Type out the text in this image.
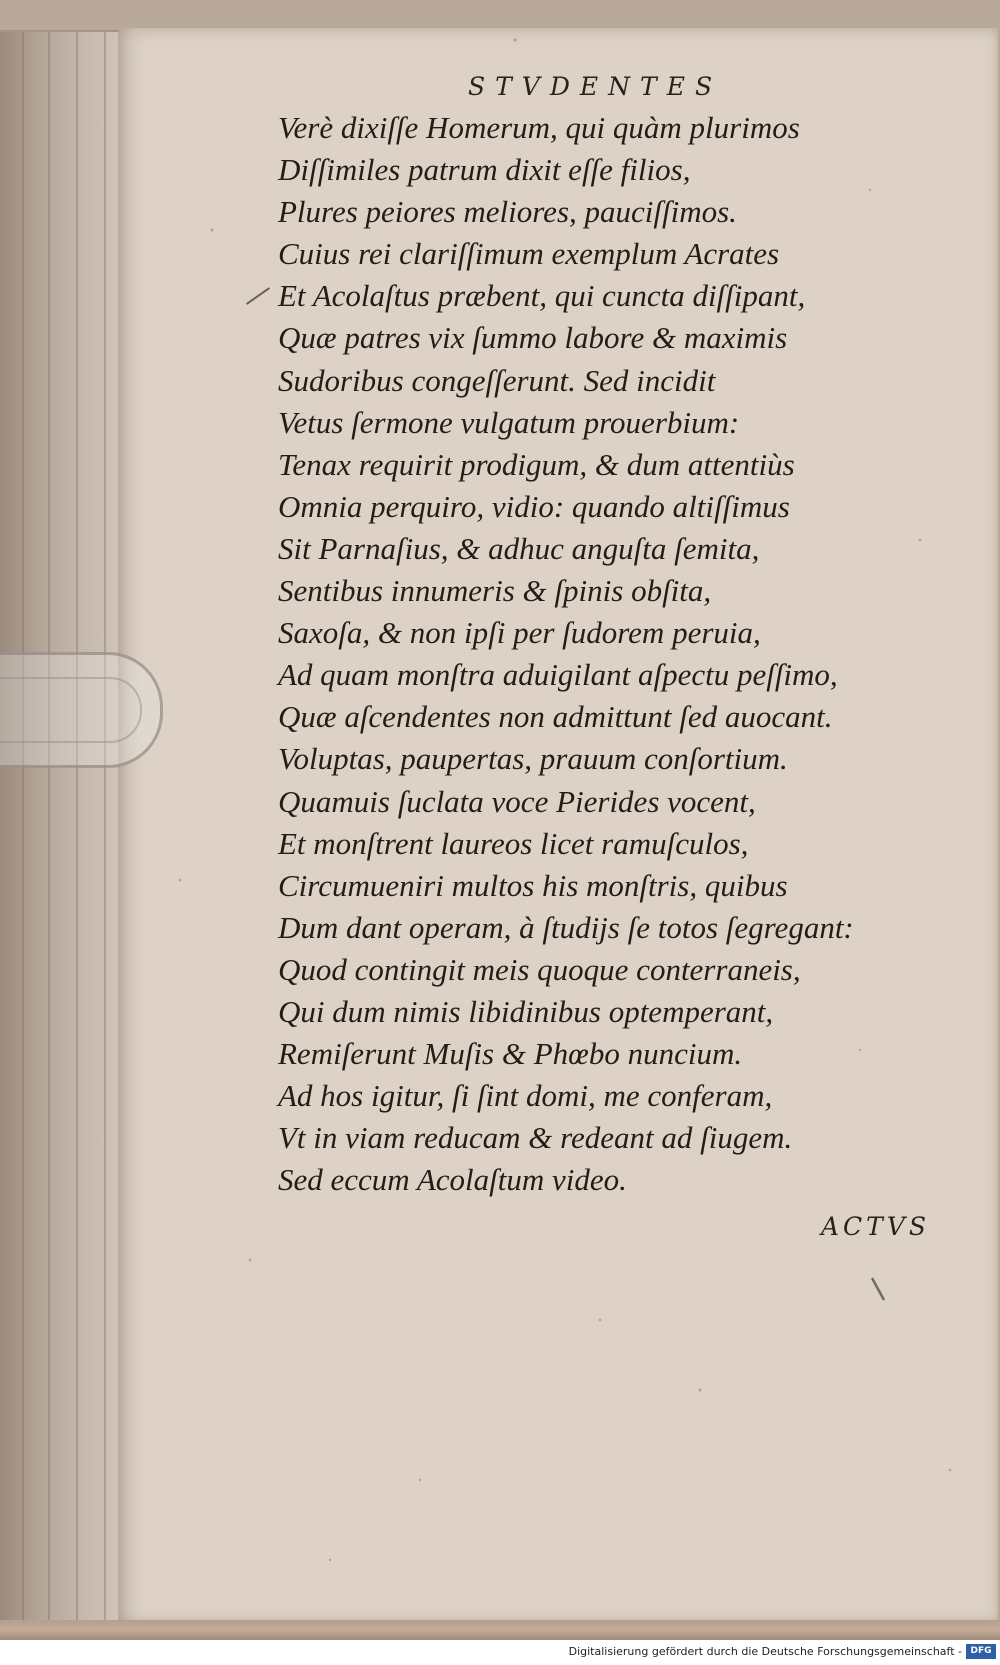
STVDENTES
Verè dixiſſe Homerum, qui quàm plurimos
Diſſimiles patrum dixit eſſe filios,
Plures peiores meliores, pauciſſimos.
Cuius rei clariſſimum exemplum Acrates
Et Acolaſtus præbent, qui cuncta diſſipant,
Quæ patres vix ſummo labore & maximis
Sudoribus congeſſerunt. Sed incidit
Vetus ſermone vulgatum prouerbium:
Tenax requirit prodigum, & dum attentiùs
Omnia perquiro, vidio: quando altiſſimus
Sit Parnaſius, & adhuc anguſta ſemita,
Sentibus innumeris & ſpinis obſita,
Saxoſa, & non ipſi per ſudorem peruia,
Ad quam monſtra aduigilant aſpectu peſſimo,
Quæ aſcendentes non admittunt ſed auocant.
Voluptas, paupertas, prauum conſortium.
Quamuis ſuclata voce Pierides vocent,
Et monſtrent laureos licet ramuſculos,
Circumueniri multos his monſtris, quibus
Dum dant operam, à ſtudijs ſe totos ſegregant:
Quod contingit meis quoque conterraneis,
Qui dum nimis libidinibus optemperant,
Remiſerunt Muſis & Phœbo nuncium.
Ad hos igitur, ſi ſint domi, me conferam,
Vt in viam reducam & redeant ad ſiugem.
Sed eccum Acolaſtum video.
ACTVS
Digitalisierung gefördert durch die Deutsche Forschungsgemeinschaft - DFG
